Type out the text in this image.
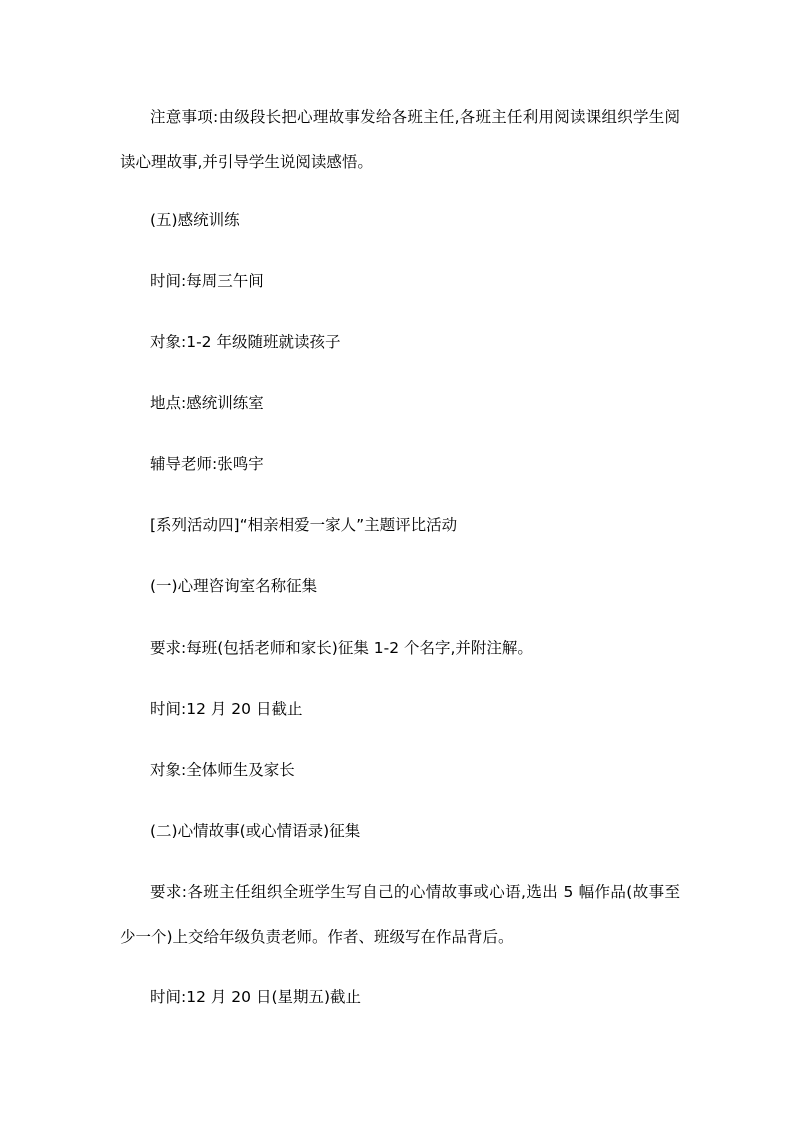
注意事项:由级段长把心理故事发给各班主任,各班主任利用阅读课组织学生阅读心理故事,并引导学生说阅读感悟。
(五)感统训练
时间:每周三午间
对象:1-2 年级随班就读孩子
地点:感统训练室
辅导老师:张鸣宇
[系列活动四]“相亲相爱一家人”主题评比活动
(一)心理咨询室名称征集
要求:每班(包括老师和家长)征集 1-2 个名字,并附注解。
时间:12 月 20 日截止
对象:全体师生及家长
(二)心情故事(或心情语录)征集
要求:各班主任组织全班学生写自己的心情故事或心语,选出 5 幅作品(故事至少一个)上交给年级负责老师。作者、班级写在作品背后。
时间:12 月 20 日(星期五)截止
